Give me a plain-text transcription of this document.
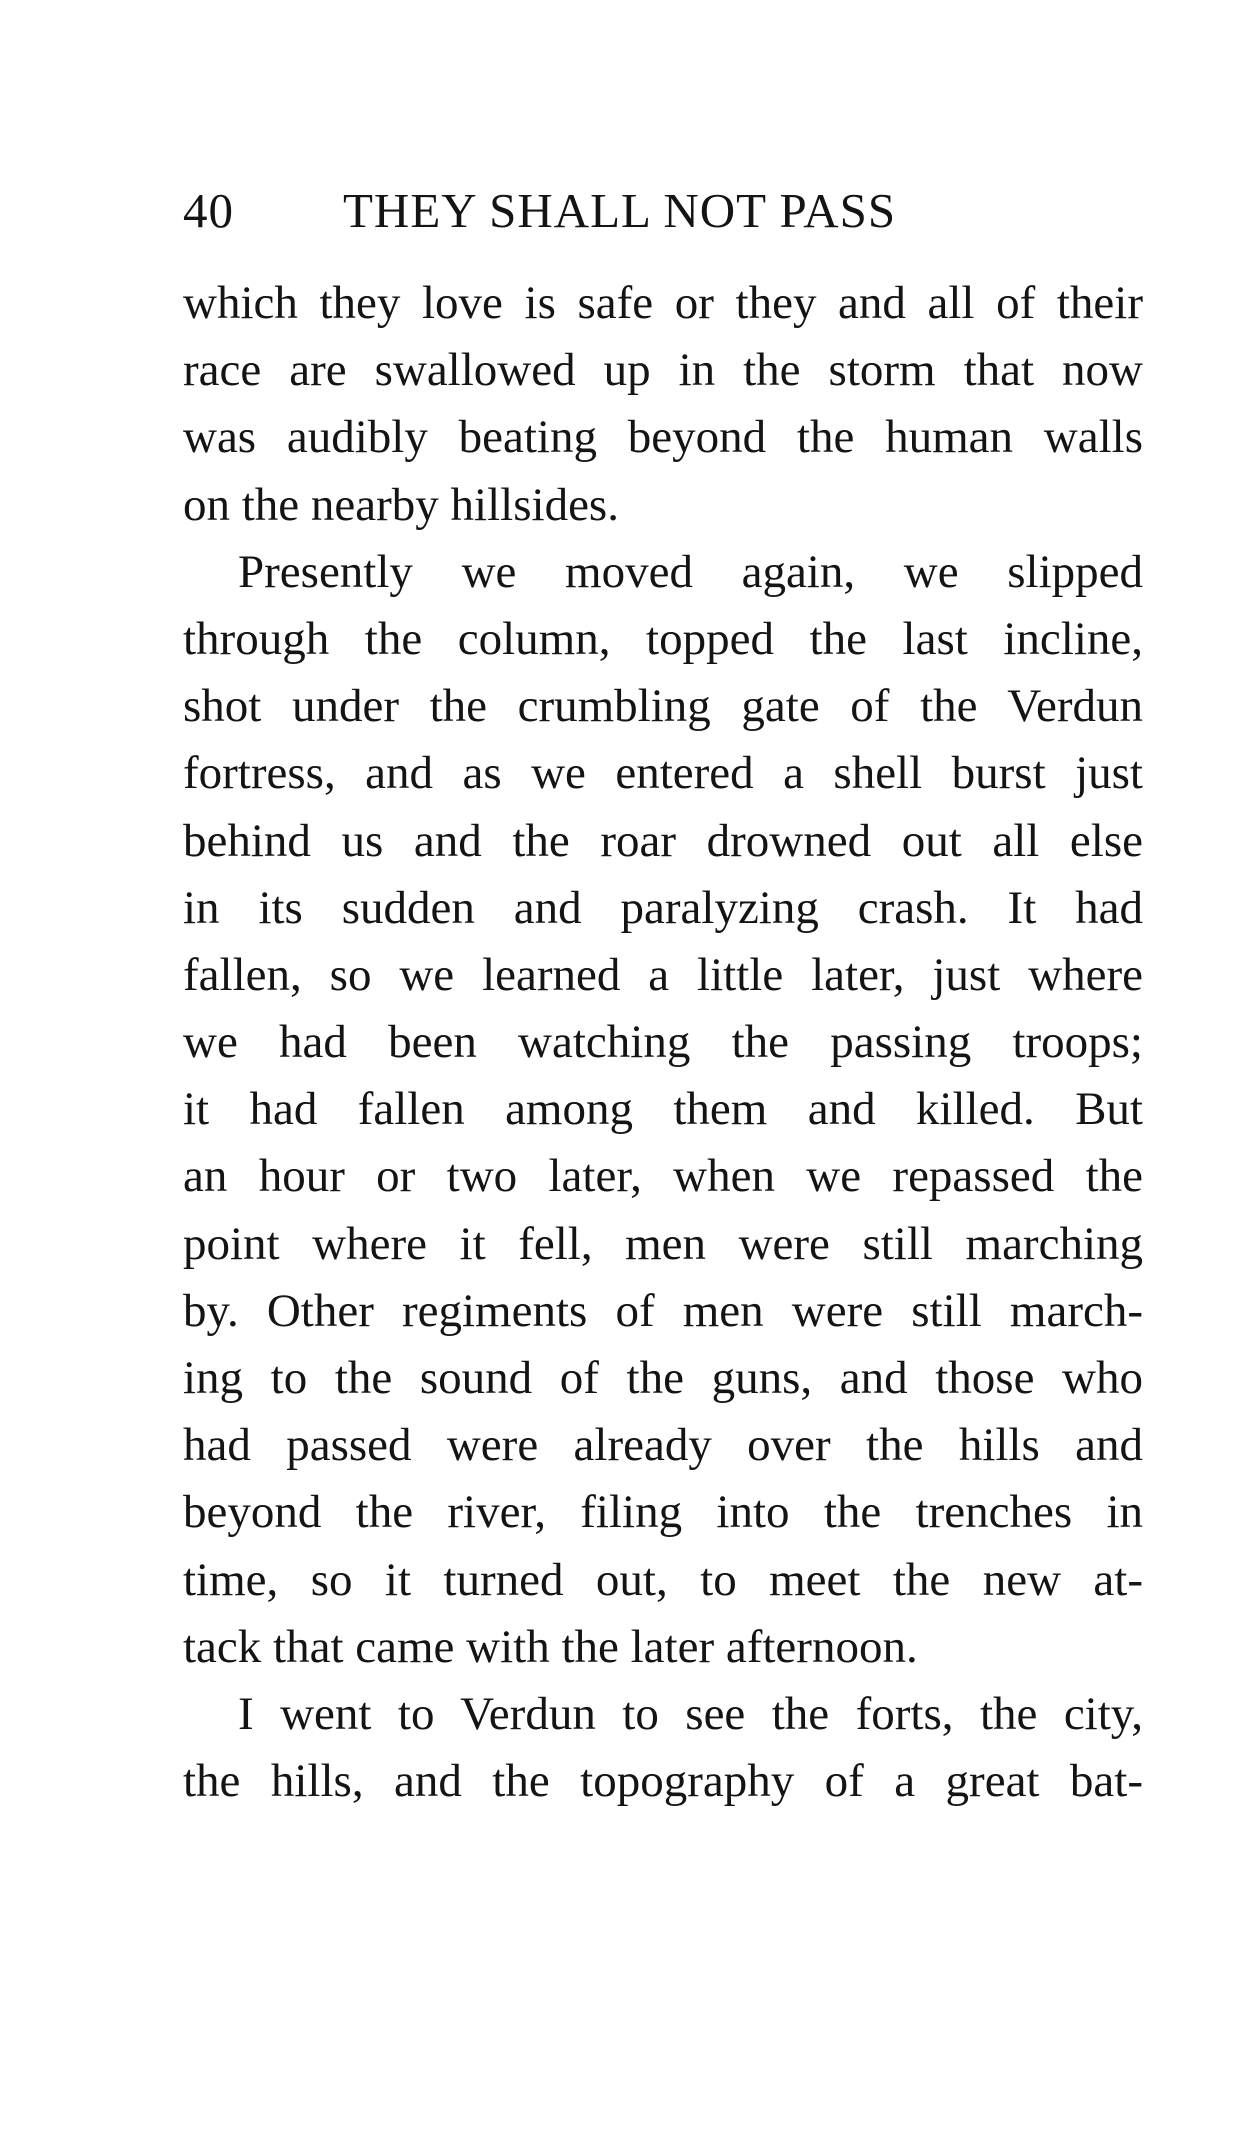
40 THEY SHALL NOT PASS
which they love is safe or they and all of their
race are swallowed up in the storm that now
was audibly beating beyond the human walls
on the nearby hillsides.
Presently we moved again, we slipped
through the column, topped the last incline,
shot under the crumbling gate of the Verdun
fortress, and as we entered a shell burst just
behind us and the roar drowned out all else
in its sudden and paralyzing crash. It had
fallen, so we learned a little later, just where
we had been watching the passing troops;
it had fallen among them and killed. But
an hour or two later, when we repassed the
point where it fell, men were still marching
by. Other regiments of men were still march-
ing to the sound of the guns, and those who
had passed were already over the hills and
beyond the river, filing into the trenches in
time, so it turned out, to meet the new at-
tack that came with the later afternoon.
I went to Verdun to see the forts, the city,
the hills, and the topography of a great bat-
